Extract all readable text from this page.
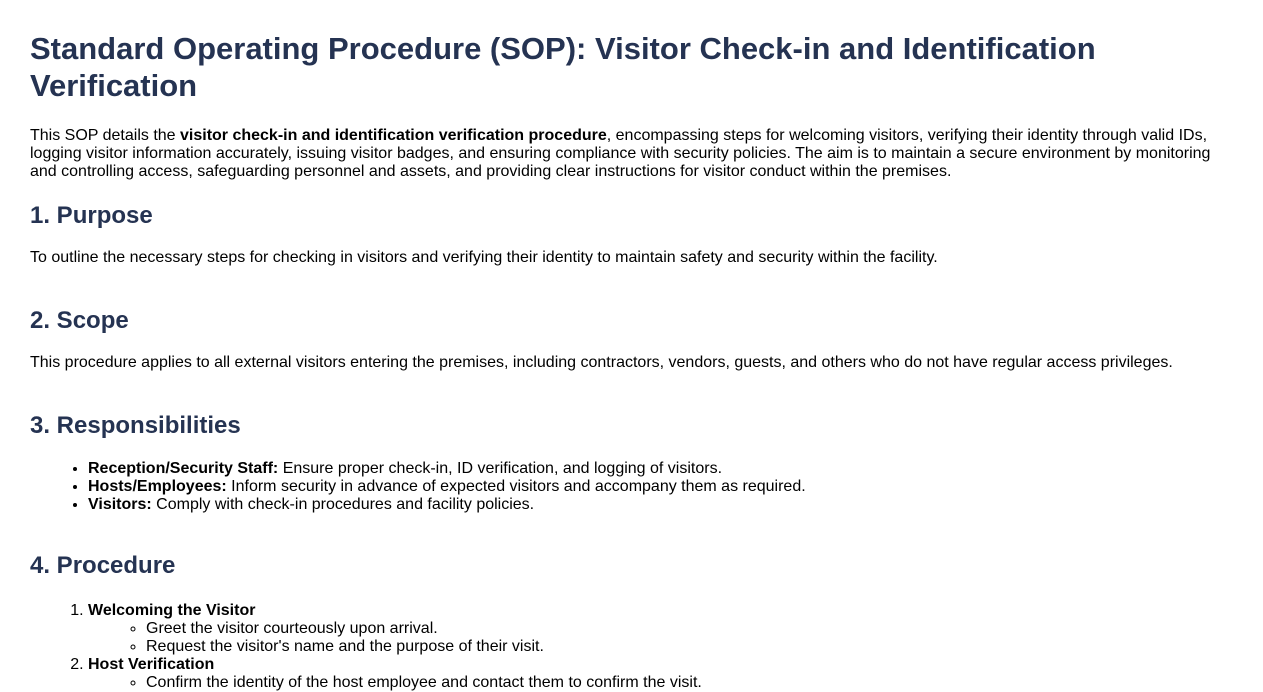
Standard Operating Procedure (SOP): Visitor Check-in and Identification Verification

This SOP details the visitor check-in and identification verification procedure, encompassing steps for welcoming visitors, verifying their identity through valid IDs, logging visitor information accurately, issuing visitor badges, and ensuring compliance with security policies. The aim is to maintain a secure environment by monitoring and controlling access, safeguarding personnel and assets, and providing clear instructions for visitor conduct within the premises.

1. Purpose

To outline the necessary steps for checking in visitors and verifying their identity to maintain safety and security within the facility.

2. Scope

This procedure applies to all external visitors entering the premises, including contractors, vendors, guests, and others who do not have regular access privileges.

3. Responsibilities
• Reception/Security Staff: Ensure proper check-in, ID verification, and logging of visitors.
• Hosts/Employees: Inform security in advance of expected visitors and accompany them as required.
• Visitors: Comply with check-in procedures and facility policies.
4. Procedure
1. Welcoming the Visitor
◦ Greet the visitor courteously upon arrival.
◦ Request the visitor's name and the purpose of their visit.
2. Host Verification
◦ Confirm the identity of the host employee and contact them to confirm the visit.
